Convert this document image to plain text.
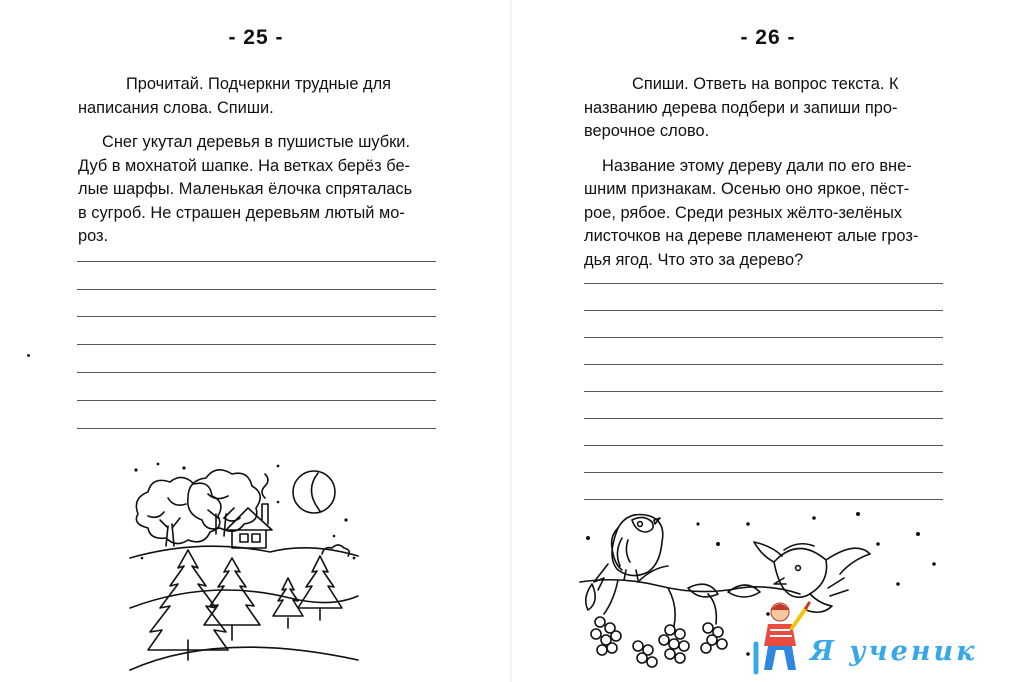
- 25 -

Прочитай. Подчеркни трудные для написания слова. Спиши.

Снег укутал деревья в пушистые шубки.
Дуб в мохнатой шапке. На ветках берёз бе-
лые шарфы. Маленькая ёлочка спряталась
в сугроб. Не страшен деревьям лютый мо-
роз.

- 26 -

Спиши. Ответь на вопрос текста. К
названию дерева подбери и запиши про-
верочное слово.

Название этому дереву дали по его вне-
шним признакам. Осенью оно яркое, пёст-
рое, рябое. Среди резных жёлто-зелёных
листочков на дереве пламенеют алые гроз-
дья ягод. Что это за дерево?

Я ученик
